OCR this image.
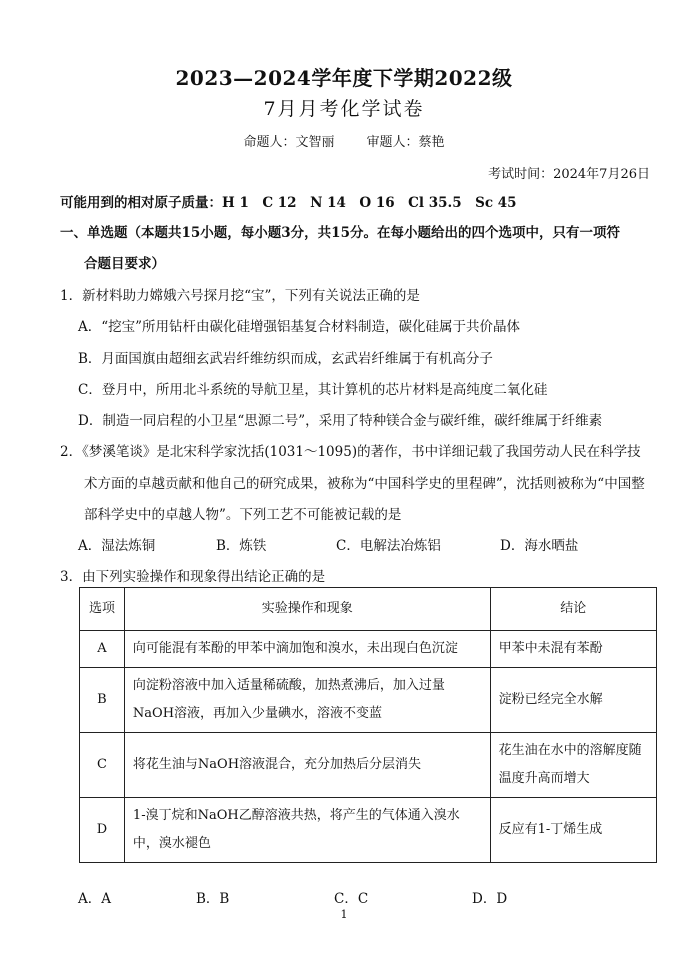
2023—2024学年度下学期2022级
7月月考化学试卷
命题人：文智丽 审题人：蔡艳
考试时间：2024年7月26日
可能用到的相对原子质量：H 1　C 12　N 14　O 16　Cl 35.5　Sc 45
一、单选题（本题共15小题，每小题3分，共15分。在每小题给出的四个选项中，只有一项符
合题目要求）
1．新材料助力嫦娥六号探月挖“宝”，下列有关说法正确的是
A．“挖宝”所用钻杆由碳化硅增强铝基复合材料制造，碳化硅属于共价晶体
B．月面国旗由超细玄武岩纤维纺织而成，玄武岩纤维属于有机高分子
C．登月中，所用北斗系统的导航卫星，其计算机的芯片材料是高纯度二氧化硅
D．制造一同启程的小卫星“思源二号”，采用了特种镁合金与碳纤维，碳纤维属于纤维素
2．《梦溪笔谈》是北宋科学家沈括(1031～1095)的著作，书中详细记载了我国劳动人民在科学技
术方面的卓越贡献和他自己的研究成果，被称为“中国科学史的里程碑”，沈括则被称为“中国整
部科学史中的卓越人物”。下列工艺不可能被记载的是
A．湿法炼铜	B．炼铁	C．电解法冶炼铝	D．海水晒盐
3．由下列实验操作和现象得出结论正确的是
选项	实验操作和现象	结论
A	向可能混有苯酚的甲苯中滴加饱和溴水，未出现白色沉淀	甲苯中未混有苯酚
B	向淀粉溶液中加入适量稀硫酸，加热煮沸后，加入过量NaOH溶液，再加入少量碘水，溶液不变蓝	淀粉已经完全水解
C	将花生油与NaOH溶液混合，充分加热后分层消失	花生油在水中的溶解度随温度升高而增大
D	1-溴丁烷和NaOH乙醇溶液共热，将产生的气体通入溴水中，溴水褪色	反应有1-丁烯生成
A．A	B．B	C．C	D．D
1
